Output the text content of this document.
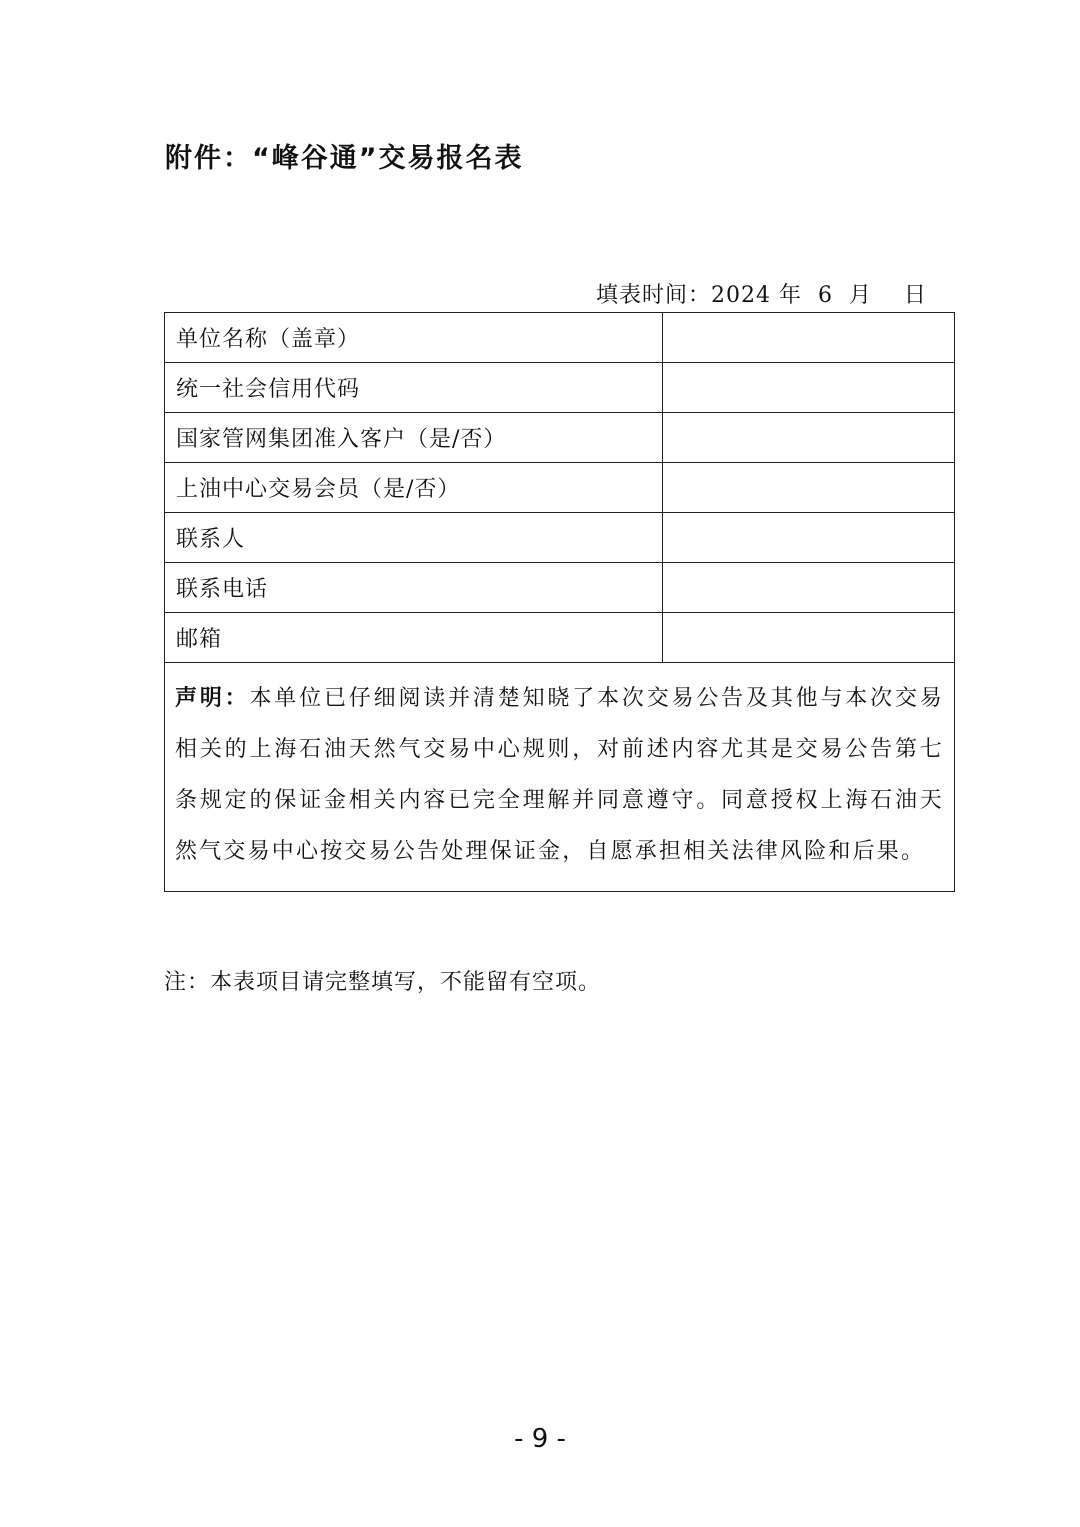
附件：“峰谷通”交易报名表
填表时间：2024 年  6  月    日
单位名称（盖章）	
统一社会信用代码	
国家管网集团准入客户（是/否）	
上油中心交易会员（是/否）	
联系人	
联系电话	
邮箱	
声明：本单位已仔细阅读并清楚知晓了本次交易公告及其他与本次交易相关的上海石油天然气交易中心规则，对前述内容尤其是交易公告第七条规定的保证金相关内容已完全理解并同意遵守。同意授权上海石油天然气交易中心按交易公告处理保证金，自愿承担相关法律风险和后果。	
注：本表项目请完整填写，不能留有空项。
- 9 -
